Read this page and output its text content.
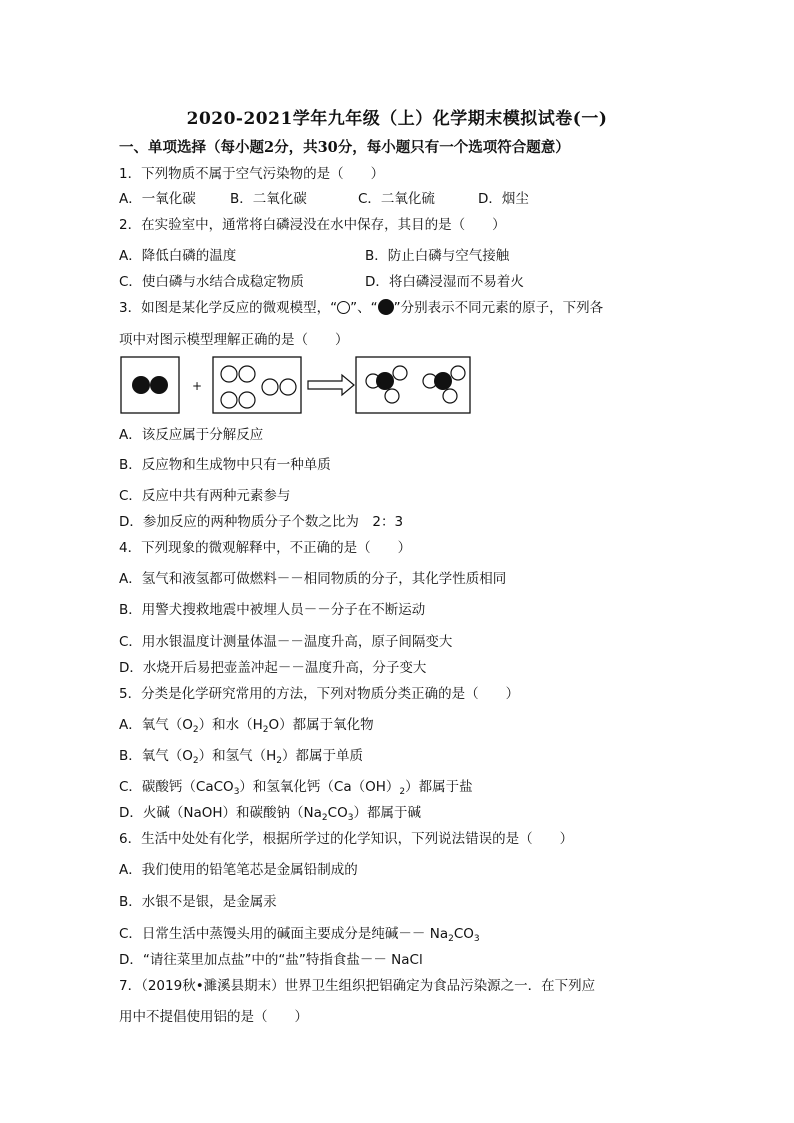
2020-2021学年九年级（上）化学期末模拟试卷(一)
一、单项选择（每小题2分，共30分，每小题只有一个选项符合题意）
1．下列物质不属于空气污染物的是（　　）
A．一氧化碳	B．二氧化碳	C．二氧化硫	D．烟尘
2．在实验室中，通常将白磷浸没在水中保存，其目的是（　　）
A．降低白磷的温度	B．防止白磷与空气接触
C．使白磷与水结合成稳定物质	D．将白磷浸湿而不易着火
3．如图是某化学反应的微观模型，“ ”、“ ”分别表示不同元素的原子，下列各
项中对图示模型理解正确的是（　　）
+
A．该反应属于分解反应
B．反应物和生成物中只有一种单质
C．反应中共有两种元素参与
D．参加反应的两种物质分子个数之比为　2：3
4．下列现象的微观解释中，不正确的是（　　）
A．氢气和液氢都可做燃料－－相同物质的分子，其化学性质相同
B．用警犬搜救地震中被埋人员－－分子在不断运动
C．用水银温度计测量体温－－温度升高，原子间隔变大
D．水烧开后易把壶盖冲起－－温度升高，分子变大
5．分类是化学研究常用的方法，下列对物质分类正确的是（　　）
A．氧气$(O_2)$和水$(H_2O)$都属于氧化物
B．氧气$(O_2)$和氢气$(H_2)$都属于单质
C．碳酸钙（CaCO$_3$）和氢氧化钙$(Ca(OH)_2)$都属于盐
D．火碱（NaOH）和碳酸钠$(Na_2CO_3)$都属于碱
6．生活中处处有化学，根据所学过的化学知识，下列说法错误的是（　　）
A．我们使用的铅笔笔芯是金属铅制成的
B．水银不是银，是金属汞
C．日常生活中蒸馒头用的碱面主要成分是纯碱－－ $Na_2CO_3$
D．“请往菜里加点盐”中的“盐”特指食盐－－ NaCl
7．（2019秋•濉溪县期末）世界卫生组织把铝确定为食品污染源之一．在下列应
用中不提倡使用铝的是（　　）
